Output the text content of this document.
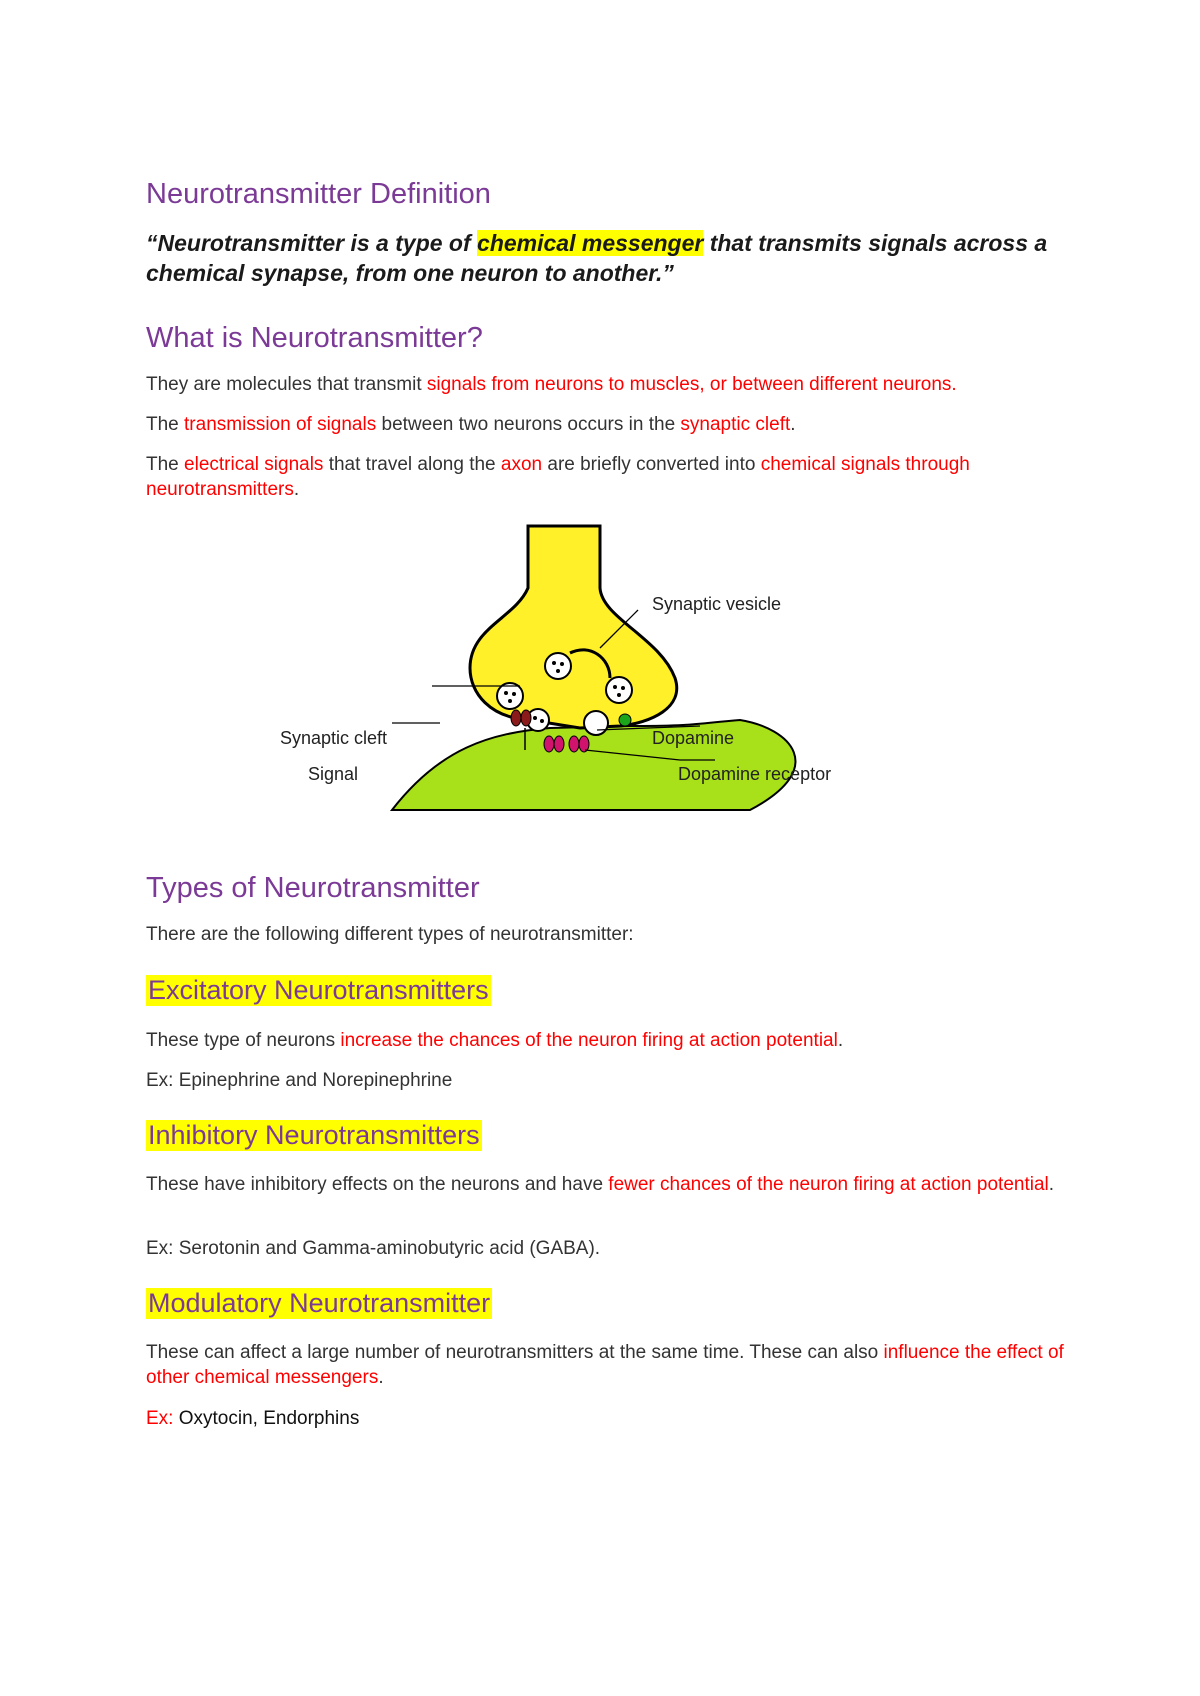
Neurotransmitter Definition
“Neurotransmitter is a type of chemical messenger that transmits signals across a chemical synapse, from one neuron to another.”
What is Neurotransmitter?

They are molecules that transmit signals from neurons to muscles, or between different neurons.

The transmission of signals between two neurons occurs in the synaptic cleft.

The electrical signals that travel along the axon are briefly converted into chemical signals through neurotransmitters.

Synaptic vesicle
Synaptic cleft
Signal
Dopamine
Dopamine receptor
Types of Neurotransmitter

There are the following different types of neurotransmitter:

Excitatory Neurotransmitters

These type of neurons increase the chances of the neuron firing at action potential.

Ex: Epinephrine and Norepinephrine

Inhibitory Neurotransmitters

These have inhibitory effects on the neurons and have fewer chances of the neuron firing at action potential.

Ex: Serotonin and Gamma-aminobutyric acid (GABA).

Modulatory Neurotransmitter

These can affect a large number of neurotransmitters at the same time. These can also influence the effect of other chemical messengers.

Ex: Oxytocin, Endorphins
